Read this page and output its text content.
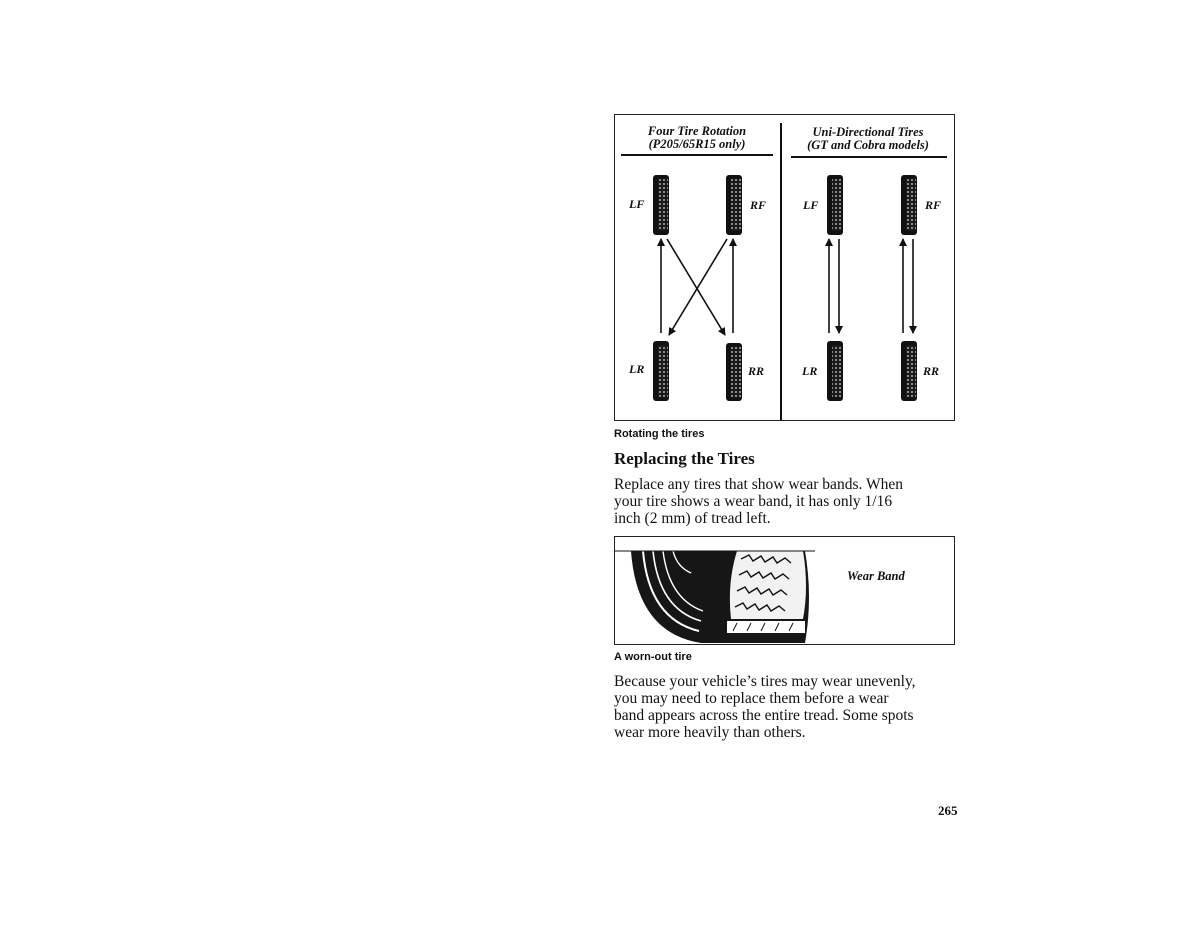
Four Tire Rotation
(P205/65R15 only)
Uni-Directional Tires
(GT and Cobra models)
LF	RF
LR	RR
LF	RF
LR	RR
Rotating the tires
Replacing the Tires
Replace any tires that show wear bands. When
your tire shows a wear band, it has only 1/16
inch (2 mm) of tread left.
Wear Band
A worn-out tire
Because your vehicle’s tires may wear unevenly,
you may need to replace them before a wear
band appears across the entire tread. Some spots
wear more heavily than others.
265
